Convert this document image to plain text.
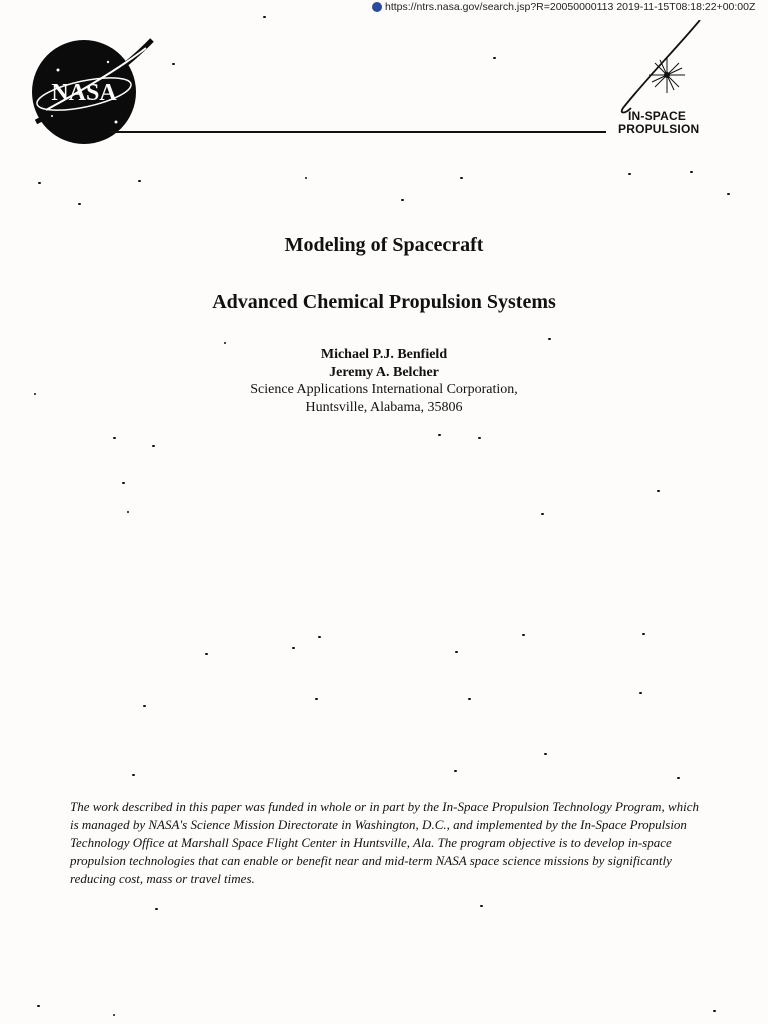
https://ntrs.nasa.gov/search.jsp?R=20050000113 2019-11-15T08:18:22+00:00Z
NASA
IN-SPACE
PROPULSION
Modeling of Spacecraft
Advanced Chemical Propulsion Systems
Michael P.J. Benfield
Jeremy A. Belcher
Science Applications International Corporation,
Huntsville, Alabama, 35806
The work described in this paper was funded in whole or in part by the In-Space Propulsion Technology Program, which is managed by NASA's Science Mission Directorate in Washington, D.C., and implemented by the In-Space Propulsion Technology Office at Marshall Space Flight Center in Huntsville, Ala. The program objective is to develop in-space propulsion technologies that can enable or benefit near and mid-term NASA space science missions by significantly reducing cost, mass or travel times.
